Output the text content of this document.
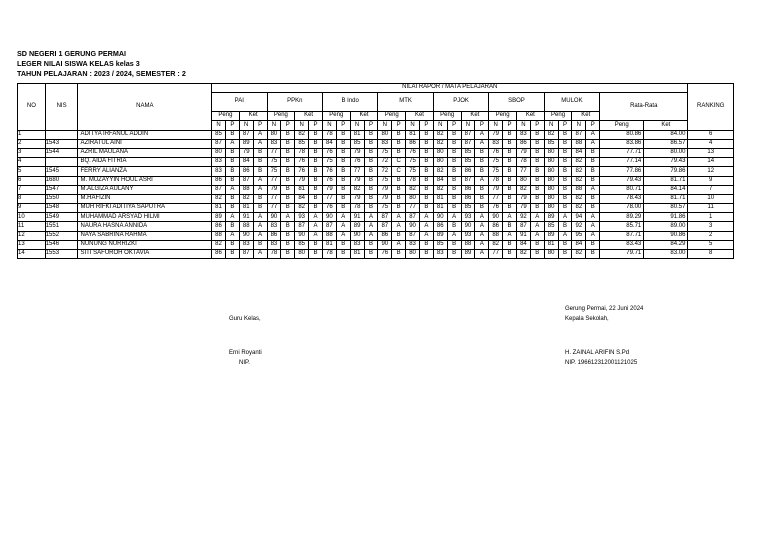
SD NEGERI 1 GERUNG PERMAI
LEGER NILAI SISWA KELAS kelas 3
TAHUN PELAJARAN : 2023 / 2024, SEMESTER : 2
NO	NIS	NAMA	NILAI RAPOR / MATA PELAJARAN																														RANKING
			PAI				PPKn				B Indo				MTK				PJOK				SBOP				MULOK				Rata-Rata		
			Peng		Ket		Peng		Ket		Peng		Ket		Peng		Ket		Peng		Ket		Peng		Ket		Peng		Ket				
			N	P	N	P	N	P	N	P	N	P	N	P	N	P	N	P	N	P	N	P	N	P	N	P	N	P	N	P	Peng	Ket	
1		ADITYA IRFANUL ADDIN	85	B	87	A	80	B	82	B	78	B	81	B	80	B	81	B	82	B	87	A	79	B	83	B	82	B	87	A	80.86	84.00	6
2	1543	AZIRATUL AINI	87	A	89	A	83	B	85	B	84	B	85	B	83	B	86	B	82	B	87	A	83	B	86	B	85	B	88	A	83.86	86.57	4
3	1544	AZRIL MAULANA	80	B	79	B	77	B	78	B	76	B	79	B	75	B	76	B	80	B	85	B	76	B	79	B	80	B	84	B	77.71	80.00	13
4		BQ. AIDA FITRIA	83	B	84	B	75	B	76	B	75	B	76	B	72	C	75	B	80	B	85	B	75	B	78	B	80	B	82	B	77.14	79.43	14
5	1545	FERRY ALIANZA	83	B	86	B	75	B	76	B	76	B	77	B	72	C	75	B	82	B	86	B	75	B	77	B	80	B	82	B	77.86	79.86	12
6	1680	M. MUZAYYIN HOUL ASRI	86	B	87	A	77	B	79	B	76	B	79	B	75	B	78	B	84	B	87	A	78	B	80	B	80	B	82	B	79.43	81.71	9
7	1547	M.ALGIZA AULANY	87	A	88	A	79	B	81	B	79	B	82	B	79	B	82	B	82	B	86	B	79	B	82	B	80	B	88	A	80.71	84.14	7
8	1550	M.HAFIZIN	82	B	82	B	77	B	84	B	77	B	79	B	79	B	80	B	81	B	86	B	77	B	79	B	80	B	82	B	78.43	81.71	10
9	1548	MUH RIFKI ADITIYA SAPUTRA	81	B	81	B	77	B	82	B	76	B	78	B	75	B	77	B	81	B	85	B	76	B	79	B	80	B	82	B	78.00	80.57	11
10	1549	MUHAMMAD ARSYAD HILMI	89	A	91	A	90	A	93	A	90	A	91	A	87	A	87	A	90	A	93	A	90	A	92	A	89	A	94	A	89.29	91.86	1
11	1551	NAURA HASNA ANNIDA	86	B	88	A	83	B	87	A	87	A	89	A	87	A	90	A	86	B	90	A	86	B	87	A	85	B	92	A	85.71	89.00	3
12	1552	NAYA SABRINA RAHMA	88	A	90	A	86	B	90	A	88	A	90	A	86	B	87	A	89	A	93	A	88	A	91	A	89	A	95	A	87.71	90.86	2
13	1546	NUNUNG NURRIZKI	82	B	83	B	83	B	85	B	81	B	83	B	90	A	83	B	85	B	88	A	82	B	84	B	81	B	84	B	83.43	84.29	5
14	1553	SITI SAFUROH OKTAVIA	86	B	87	A	78	B	80	B	78	B	81	B	76	B	80	B	83	B	89	A	77	B	82	B	80	B	82	B	79.71	83.00	8
Gerung Permai, 22 Juni 2024
Guru Kelas,	Kepala Sekolah,
Erni Royanti	H. ZAINAL ARIFIN S.Pd
NIP.	NIP. 196612312001121025
